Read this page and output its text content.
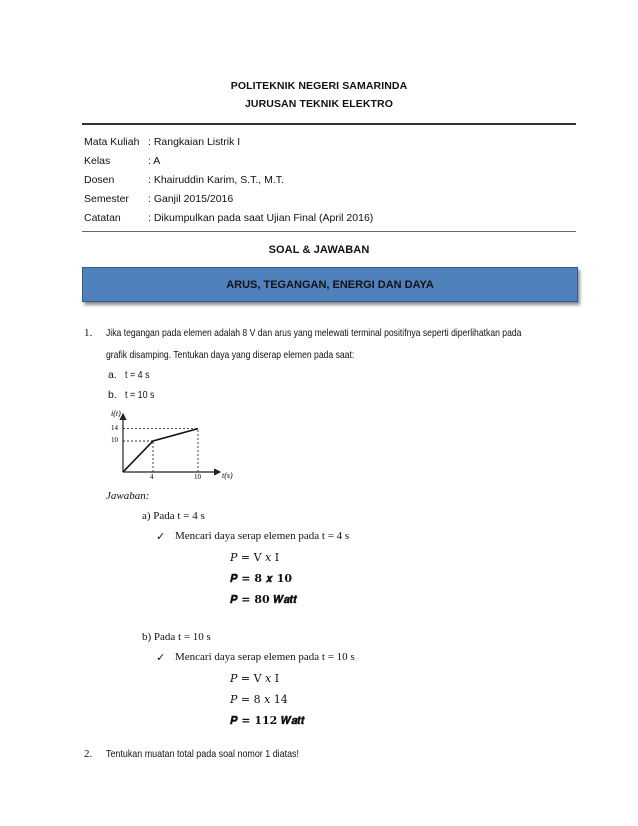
POLITEKNIK NEGERI SAMARINDA
JURUSAN TEKNIK ELEKTRO
Mata Kuliah : Rangkaian Listrik I
Kelas	: A
Dosen	: Khairuddin Karim, S.T., M.T.
Semester : Ganjil 2015/2016
Catatan	: Dikumpulkan pada saat Ujian Final (April 2016)
SOAL & JAWABAN
ARUS, TEGANGAN, ENERGI DAN DAYA
1. Jika tegangan pada elemen adalah 8 V dan arus yang melewati terminal positifnya seperti diperlihatkan pada
grafik disamping. Tentukan daya yang diserap elemen pada saat:
a. t = 4 s
b. t = 10 s
i(t)
t(s)
14
10
4	10
Jawaban:
a) Pada t = 4 s
✓ Mencari daya serap elemen pada t = 4 s
𝑃 = V 𝑥 I
𝑷 = 𝟖 𝒙 𝟏𝟎
𝑷 = 𝟖𝟎 𝑾𝒂𝒕𝒕
b) Pada t = 10 s
✓ Mencari daya serap elemen pada t = 10 s
𝑃 = V 𝑥 I
𝑃 = 8 𝑥 14
𝑷 = 𝟏𝟏𝟐 𝑾𝒂𝒕𝒕
2. Tentukan muatan total pada soal nomor 1 diatas!
